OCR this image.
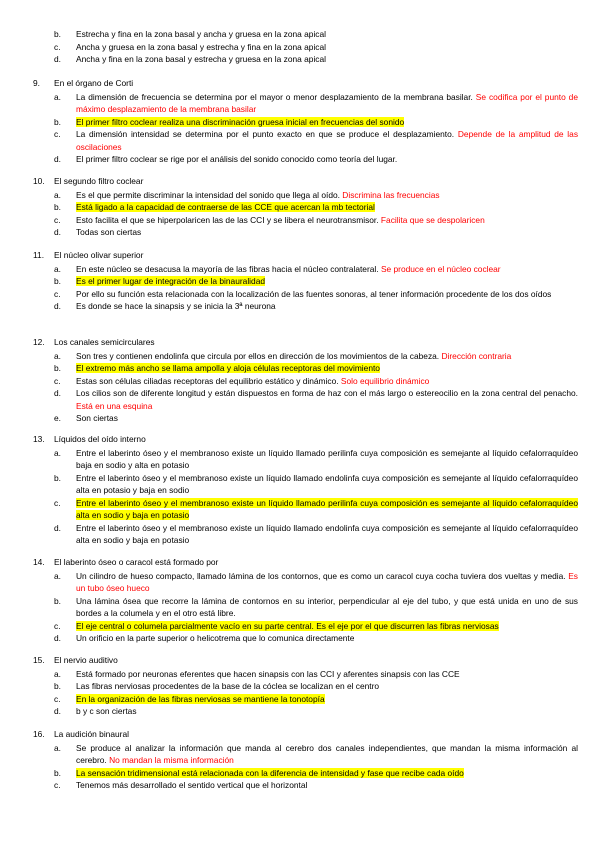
b. Estrecha y fina en la zona basal y ancha y gruesa en la zona apical
c. Ancha y gruesa en la zona basal y estrecha y fina en la zona apical
d. Ancha y fina en la zona basal y estrecha y gruesa en la zona apical
9. En el órgano de Corti
a. La dimensión de frecuencia se determina por el mayor o menor desplazamiento de la membrana basilar. Se codifica por el punto de máximo desplazamiento de la membrana basilar
b. El primer filtro coclear realiza una discriminación gruesa inicial en frecuencias del sonido
c. La dimensión intensidad se determina por el punto exacto en que se produce el desplazamiento. Depende de la amplitud de las oscilaciones
d. El primer filtro coclear se rige por el análisis del sonido conocido como teoría del lugar.
10. El segundo filtro coclear
a. Es el que permite discriminar la intensidad del sonido que llega al oído. Discrimina las frecuencias
b. Está ligado a la capacidad de contraerse de las CCE que acercan la mb tectorial
c. Esto facilita el que se hiperpolaricen las de las CCI y se libera el neurotransmisor. Facilita que se despolaricen
d. Todas son ciertas
11. El núcleo olivar superior
a. En este núcleo se desacusa la mayoría de las fibras hacia el núcleo contralateral. Se produce en el núcleo coclear
b. Es el primer lugar de integración de la binauralidad
c. Por ello su función esta relacionada con la localización de las fuentes sonoras, al tener información procedente de los dos oídos
d. Es donde se hace la sinapsis y se inicia la 3ª neurona
12. Los canales semicirculares
a. Son tres y contienen endolinfa que circula por ellos en dirección de los movimientos de la cabeza. Dirección contraria
b. El extremo más ancho se llama ampolla y aloja células receptoras del movimiento
c. Estas son células ciliadas receptoras del equilibrio estático y dinámico. Solo equilibrio dinámico
d. Los cilios son de diferente longitud y están dispuestos en forma de haz con el más largo o estereocilio en la zona central del penacho. Está en una esquina
e. Son ciertas
13. Líquidos del oído interno
a. Entre el laberinto óseo y el membranoso existe un líquido llamado perilinfa cuya composición es semejante al líquido cefalorraquídeo baja en sodio y alta en potasio
b. Entre el laberinto óseo y el membranoso existe un líquido llamado endolinfa cuya composición es semejante al líquido cefalorraquídeo alta en potasio y baja en sodio
c. Entre el laberinto óseo y el membranoso existe un líquido llamado perilinfa cuya composición es semejante al líquido cefalorraquídeo alta en sodio y baja en potasio
d. Entre el laberinto óseo y el membranoso existe un líquido llamado endolinfa cuya composición es semejante al líquido cefalorraquídeo alta en sodio y baja en potasio
14. El laberinto óseo o caracol está formado por
a. Un cilindro de hueso compacto, llamado lámina de los contornos, que es como un caracol cuya cocha tuviera dos vueltas y media. Es un tubo óseo hueco
b. Una lámina ósea que recorre la lámina de contornos en su interior, perpendicular al eje del tubo, y que está unida en uno de sus bordes a la columela y en el otro está libre.
c. El eje central o columela parcialmente vacío en su parte central. Es el eje por el que discurren las fibras nerviosas
d. Un orificio en la parte superior o helicotrema que lo comunica directamente
15. El nervio auditivo
a. Está formado por neuronas eferentes que hacen sinapsis con las CCI y aferentes sinapsis con las CCE
b. Las fibras nerviosas procedentes de la base de la cóclea se localizan en el centro
c. En la organización de las fibras nerviosas se mantiene la tonotopía
d. b y c son ciertas
16. La audición binaural
a. Se produce al analizar la información que manda al cerebro dos canales independientes, que mandan la misma información al cerebro. No mandan la misma información
b. La sensación tridimensional está relacionada con la diferencia de intensidad y fase que recibe cada oído
c. Tenemos más desarrollado el sentido vertical que el horizontal
